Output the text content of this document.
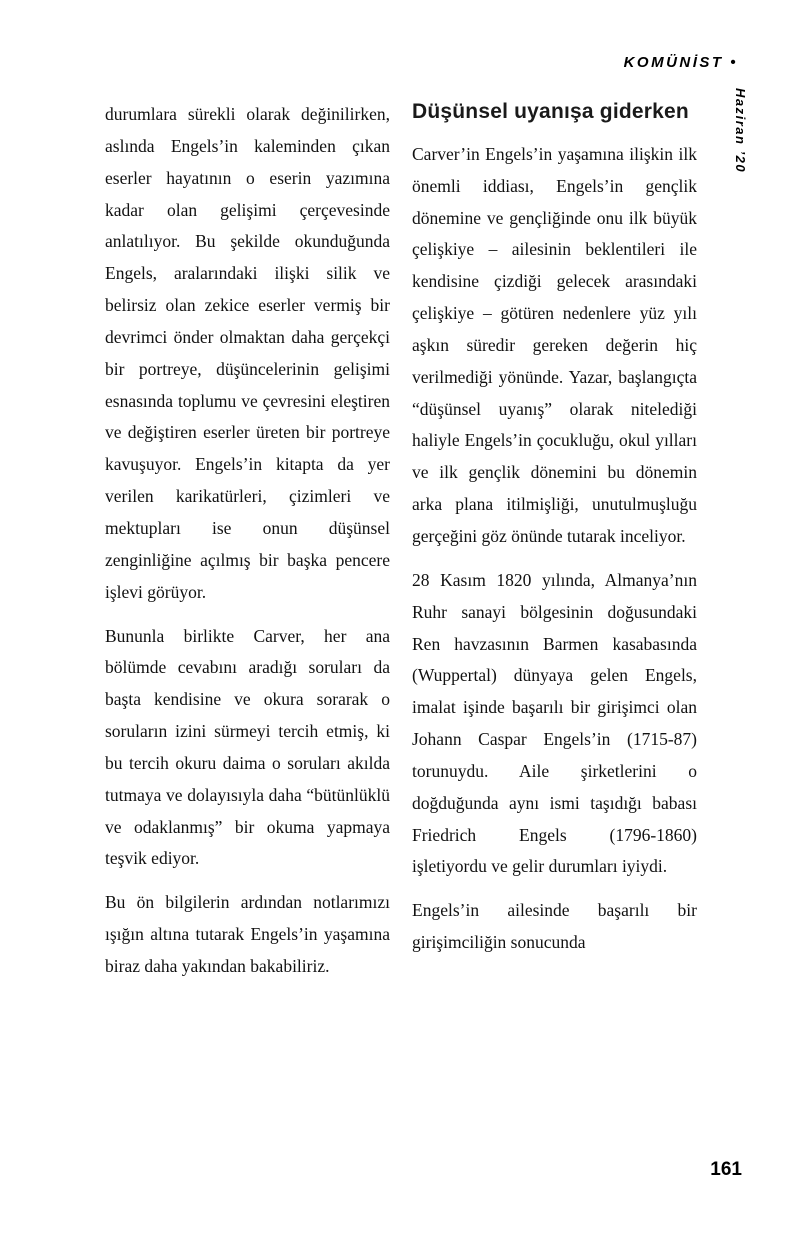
KOMÜNİST •
Haziran ’20

durumlara sürekli olarak değinilirken, aslında Engels’in kaleminden çıkan eserler hayatının o eserin yazımına kadar olan gelişimi çerçevesinde anlatılıyor. Bu şekilde okunduğunda Engels, aralarındaki ilişki silik ve belirsiz olan zekice eserler vermiş bir devrimci önder olmaktan daha gerçekçi bir portreye, düşüncelerinin gelişimi esnasında toplumu ve çevresini eleştiren ve değiştiren eserler üreten bir portreye kavuşuyor. Engels’in kitapta da yer verilen karikatürleri, çizimleri ve mektupları ise onun düşünsel zenginliğine açılmış bir başka pencere işlevi görüyor.

Bununla birlikte Carver, her ana bölümde cevabını aradığı soruları da başta kendisine ve okura sorarak o soruların izini sürmeyi tercih etmiş, ki bu tercih okuru daima o soruları akılda tutmaya ve dolayısıyla daha “bütünlüklü ve odaklanmış” bir okuma yapmaya teşvik ediyor.

Bu ön bilgilerin ardından notlarımızı ışığın altına tutarak Engels’in yaşamına biraz daha yakından bakabiliriz.

Düşünsel uyanışa giderken

Carver’in Engels’in yaşamına ilişkin ilk önemli iddiası, Engels’in gençlik dönemine ve gençliğinde onu ilk büyük çelişkiye – ailesinin beklentileri ile kendisine çizdiği gelecek arasındaki çelişkiye – götüren nedenlere yüz yılı aşkın süredir gereken değerin hiç verilmediği yönünde. Yazar, başlangıçta “düşünsel uyanış” olarak nitelediği haliyle Engels’in çocukluğu, okul yılları ve ilk gençlik dönemini bu dönemin arka plana itilmişliği, unutulmuşluğu gerçeğini göz önünde tutarak inceliyor.

28 Kasım 1820 yılında, Almanya’nın Ruhr sanayi bölgesinin doğusundaki Ren havzasının Barmen kasabasında (Wuppertal) dünyaya gelen Engels, imalat işinde başarılı bir girişimci olan Johann Caspar Engels’in (1715-87) torunuydu. Aile şirketlerini o doğduğunda aynı ismi taşıdığı babası Friedrich Engels (1796-1860) işletiyordu ve gelir durumları iyiydi.

Engels’in ailesinde başarılı bir girişimciliğin sonucunda

161
